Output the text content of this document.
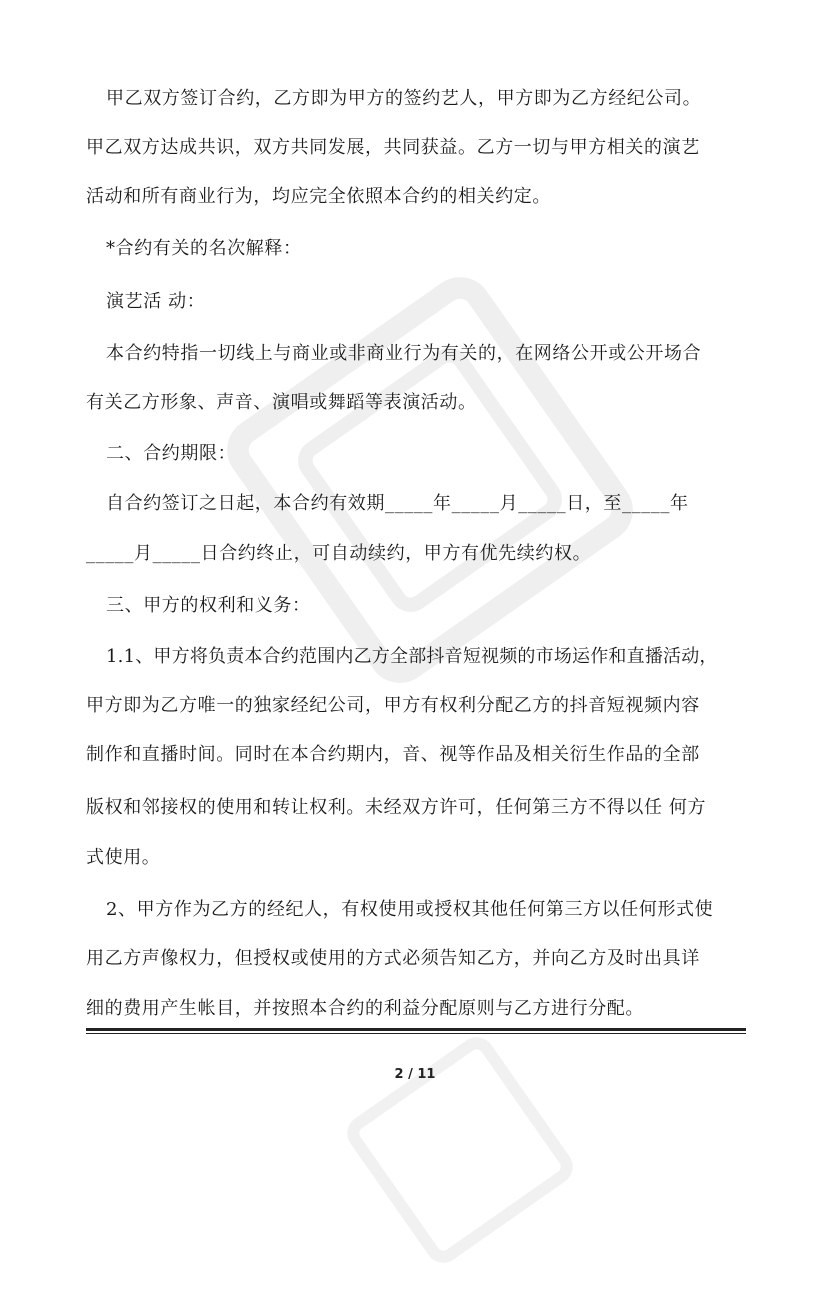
甲乙双方签订合约，乙方即为甲方的签约艺人，甲方即为乙方经纪公司。
甲乙双方达成共识，双方共同发展，共同获益。乙方一切与甲方相关的演艺
活动和所有商业行为，均应完全依照本合约的相关约定。
*合约有关的名次解释：
演艺活 动：
本合约特指一切线上与商业或非商业行为有关的，在网络公开或公开场合
有关乙方形象、声音、演唱或舞蹈等表演活动。
二、合约期限：
自合约签订之日起，本合约有效期_____年_____月_____日，至_____年
_____月_____日合约终止，可自动续约，甲方有优先续约权。
三、甲方的权利和义务：
1.1、甲方将负责本合约范围内乙方全部抖音短视频的市场运作和直播活动，
甲方即为乙方唯一的独家经纪公司，甲方有权利分配乙方的抖音短视频内容
制作和直播时间。同时在本合约期内，音、视等作品及相关衍生作品的全部
版权和邻接权的使用和转让权利。未经双方许可，任何第三方不得以任 何方
式使用。
2、甲方作为乙方的经纪人，有权使用或授权其他任何第三方以任何形式使
用乙方声像权力，但授权或使用的方式必须告知乙方，并向乙方及时出具详
细的费用产生帐目，并按照本合约的利益分配原则与乙方进行分配。
2 / 11
